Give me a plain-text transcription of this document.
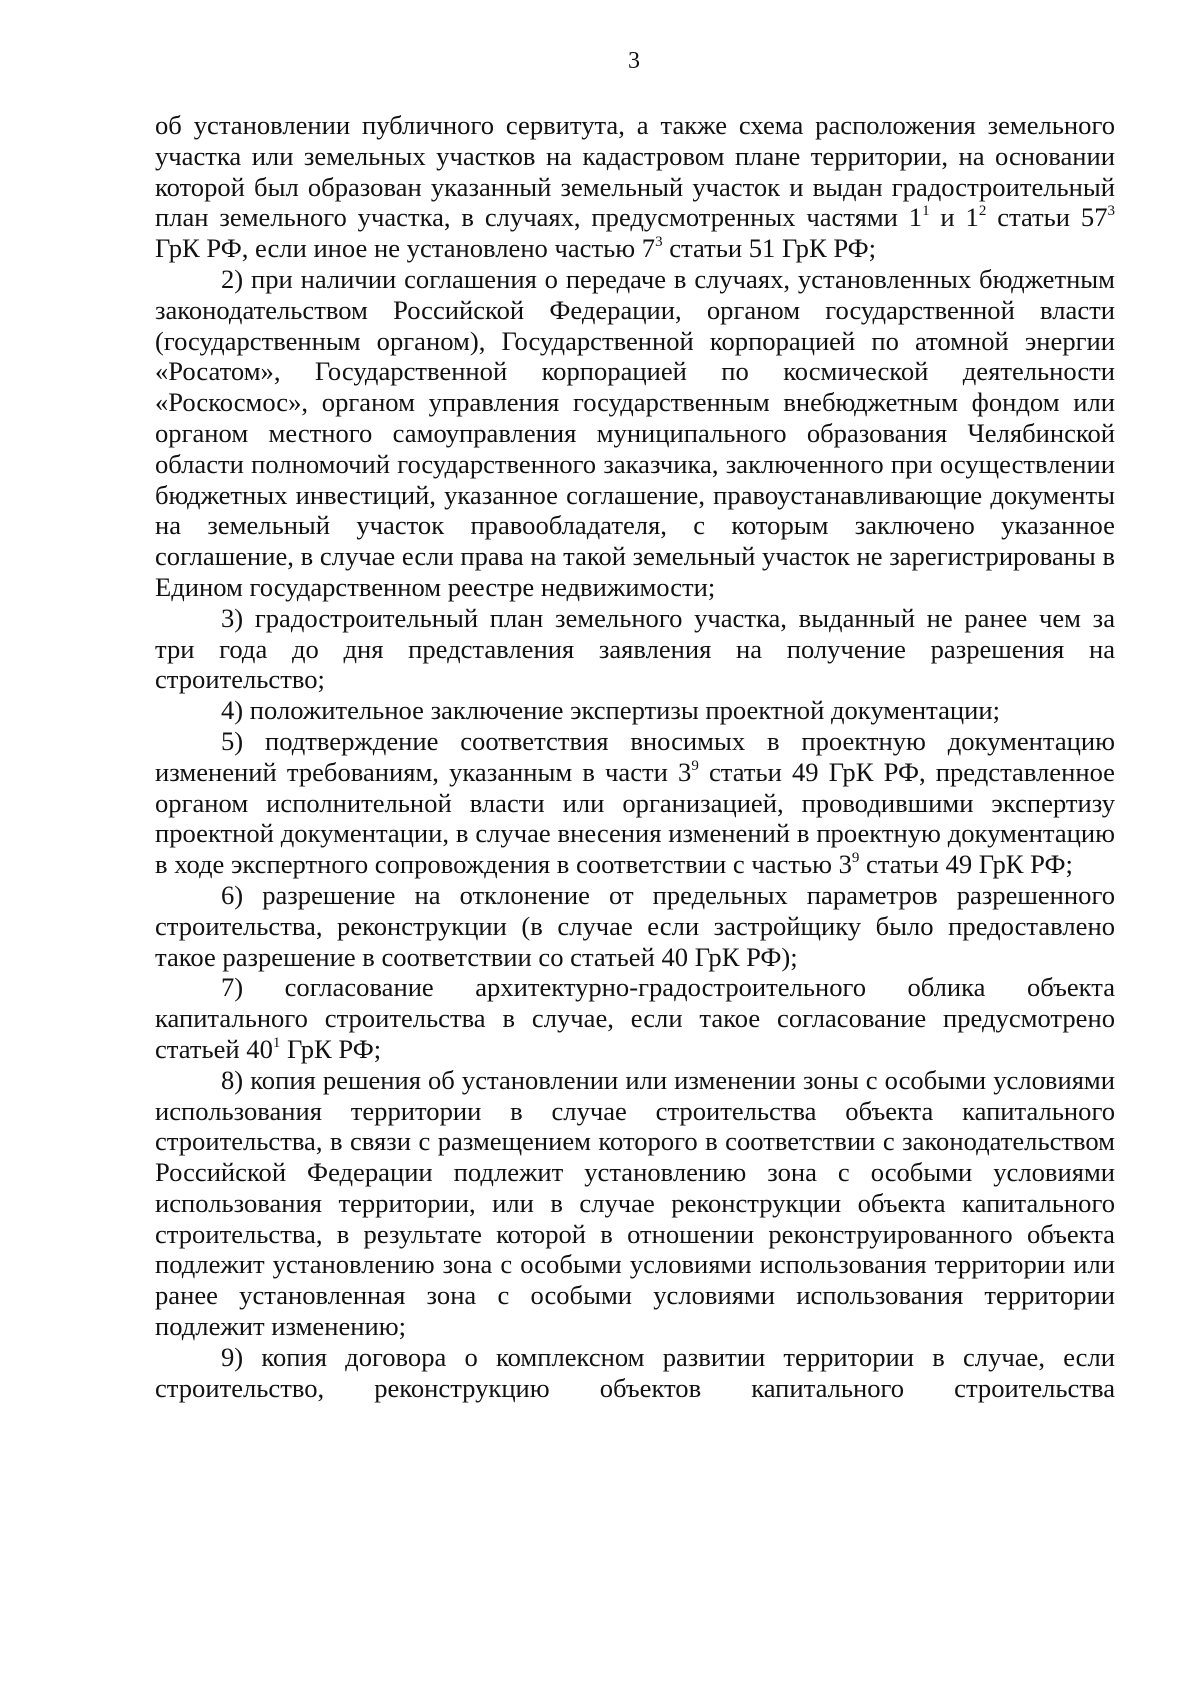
3

об установлении публичного сервитута, а также схема расположения земельного участка или земельных участков на кадастровом плане территории, на основании которой был образован указанный земельный участок и выдан градостроительный план земельного участка, в случаях, предусмотренных частями $1^1$ и $1^2$ статьи $57^3$ ГрК РФ, если иное не установлено частью $7^3$ статьи 51 ГрК РФ;

2) при наличии соглашения о передаче в случаях, установленных бюджетным законодательством Российской Федерации, органом государственной власти (государственным органом), Государственной корпорацией по атомной энергии «Росатом», Государственной корпорацией по космической деятельности «Роскосмос», органом управления государственным внебюджетным фондом или органом местного самоуправления муниципального образования Челябинской области полномочий государственного заказчика, заключенного при осуществлении бюджетных инвестиций, указанное соглашение, правоустанавливающие документы на земельный участок правообладателя, с которым заключено указанное соглашение, в случае если права на такой земельный участок не зарегистрированы в Едином государственном реестре недвижимости;

3) градостроительный план земельного участка, выданный не ранее чем за три года до дня представления заявления на получение разрешения на строительство;

4) положительное заключение экспертизы проектной документации;

5) подтверждение соответствия вносимых в проектную документацию изменений требованиям, указанным в части $3^9$ статьи 49 ГрК РФ, представленное органом исполнительной власти или организацией, проводившими экспертизу проектной документации, в случае внесения изменений в проектную документацию в ходе экспертного сопровождения в соответствии с частью $3^9$ статьи 49 ГрК РФ;

6) разрешение на отклонение от предельных параметров разрешенного строительства, реконструкции (в случае если застройщику было предоставлено такое разрешение в соответствии со статьей 40 ГрК РФ);

7) согласование архитектурно-градостроительного облика объекта капитального строительства в случае, если такое согласование предусмотрено статьей $40^1$ ГрК РФ;

8) копия решения об установлении или изменении зоны с особыми условиями использования территории в случае строительства объекта капитального строительства, в связи с размещением которого в соответствии с законодательством Российской Федерации подлежит установлению зона с особыми условиями использования территории, или в случае реконструкции объекта капитального строительства, в результате которой в отношении реконструированного объекта подлежит установлению зона с особыми условиями использования территории или ранее установленная зона с особыми условиями использования территории подлежит изменению;

9) копия договора о комплексном развитии территории в случае, если строительство, реконструкцию объектов капитального строительства
